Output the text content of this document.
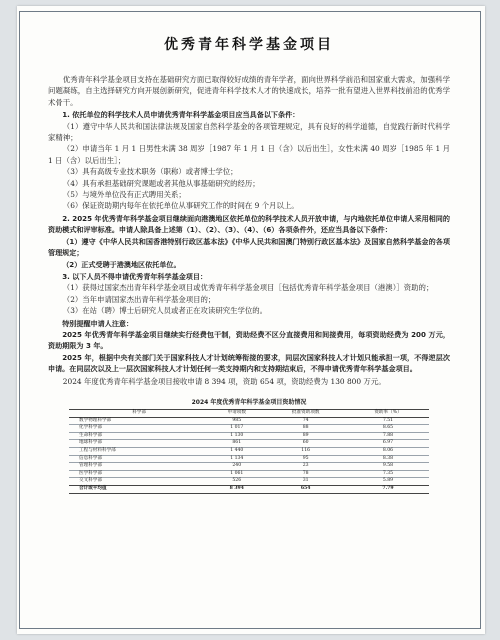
优秀青年科学基金项目

优秀青年科学基金项目支持在基础研究方面已取得较好成绩的青年学者，面向世界科学前沿和国家重大需求，加强科学问题凝练，自主选择研究方向开展创新研究，促进青年科学技术人才的快速成长，培养一批有望进入世界科技前沿的优秀学术骨干。

1. 依托单位的科学技术人员申请优秀青年科学基金项目应当具备以下条件：

（1）遵守中华人民共和国法律法规及国家自然科学基金的各项管理规定，具有良好的科学道德，自觉践行新时代科学家精神；

（2）申请当年 1 月 1 日男性未满 38 周岁［1987 年 1 月 1 日（含）以后出生］，女性未满 40 周岁［1985 年 1 月 1 日（含）以后出生］；

（3）具有高级专业技术职务（职称）或者博士学位；

（4）具有承担基础研究课题或者其他从事基础研究的经历；

（5）与境外单位没有正式聘用关系；

（6）保证资助期内每年在依托单位从事研究工作的时间在 9 个月以上。

2. 2025 年优秀青年科学基金项目继续面向港澳地区依托单位的科学技术人员开放申请，与内地依托单位申请人采用相同的资助模式和评审标准。申请人除具备上述第（1）、（2）、（3）、（4）、（6）各项条件外，还应当具备以下条件：

（1）遵守《中华人民共和国香港特别行政区基本法》《中华人民共和国澳门特别行政区基本法》及国家自然科学基金的各项管理规定；

（2）正式受聘于港澳地区依托单位。

3. 以下人员不得申请优秀青年科学基金项目：

（1）获得过国家杰出青年科学基金项目或优秀青年科学基金项目［包括优秀青年科学基金项目（港澳）］资助的；

（2）当年申请国家杰出青年科学基金项目的；

（3）在站（聘）博士后研究人员或者正在攻读研究生学位的。

特别提醒申请人注意：

2025 年优秀青年科学基金项目继续实行经费包干制，资助经费不区分直接费用和间接费用，每项资助经费为 200 万元，资助期限为 3 年。

2025 年，根据中央有关部门关于国家科技人才计划统筹衔接的要求，同层次国家科技人才计划只能承担一项，不得逆层次申请。在同层次以及上一层次国家科技人才计划任何一类支持期内和支持期结束后，不得申请优秀青年科学基金项目。

2024 年度优秀青年科学基金项目接收申请 8 394 项，资助 654 项，资助经费为 130 800 万元。

2024 年度优秀青年科学基金项目资助情况
科学部	申请项数	批准资助项数	资助率（%）
数学物理科学部	985	74	7.51
化学科学部	1 017	88	8.65
生命科学部	1 130	89	7.88
地球科学部	861	60	6.97
工程与材料科学部	1 440	116	8.06
信息科学部	1 134	95	8.38
管理科学部	240	23	9.58
医学科学部	1 061	78	7.35
交叉科学部	526	31	5.89
合计或平均值	8 394	654	7.79
